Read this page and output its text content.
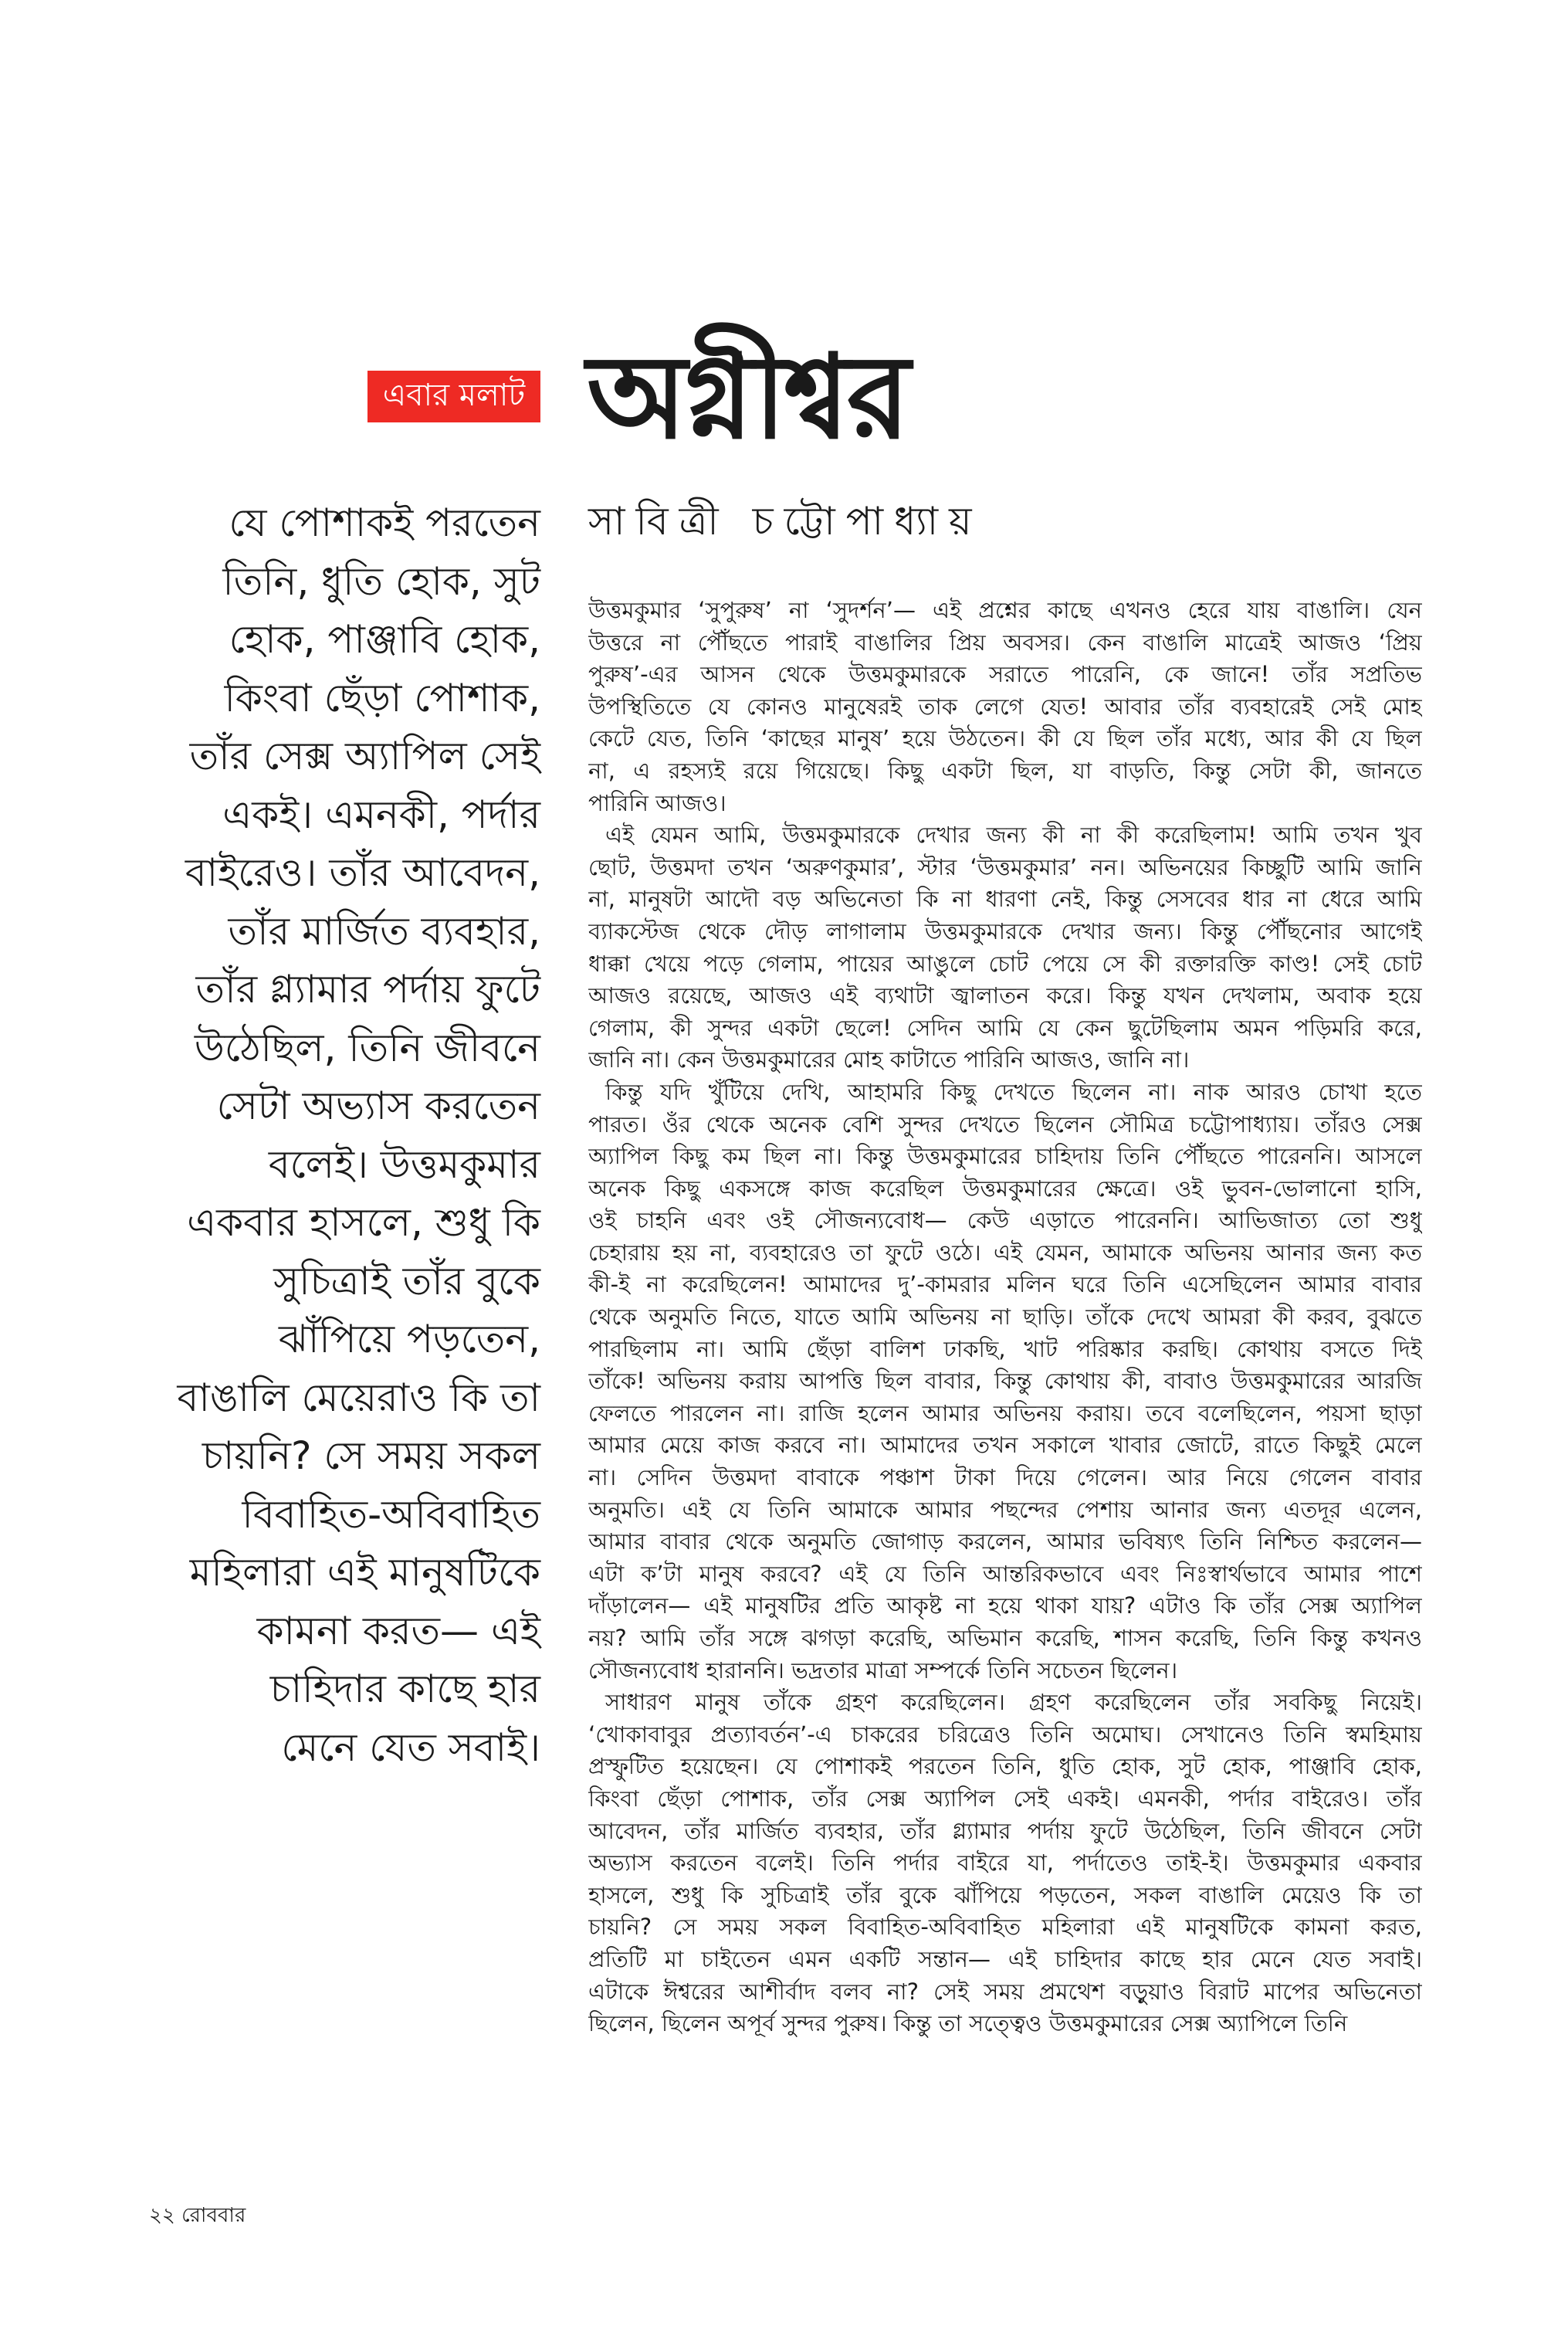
এবার মলাট অগ্নীশ্বর
সাবিত্রী চট্টোপাধ্যায়
যে পোশাকই পরতেন
তিনি, ধুতি হোক, সুট
হোক, পাঞ্জাবি হোক,
কিংবা ছেঁড়া পোশাক,
তাঁর সেক্স অ্যাপিল সেই
একই। এমনকী, পর্দার
বাইরেও। তাঁর আবেদন,
তাঁর মার্জিত ব্যবহার,
তাঁর গ্ল্যামার পর্দায় ফুটে
উঠেছিল, তিনি জীবনে
সেটা অভ্যাস করতেন
বলেই। উত্তমকুমার
একবার হাসলে, শুধু কি
সুচিত্রাই তাঁর বুকে
ঝাঁপিয়ে পড়তেন,
বাঙালি মেয়েরাও কি তা
চায়নি? সে সময় সকল
বিবাহিত-অবিবাহিত
মহিলারা এই মানুষটিকে
কামনা করত— এই
চাহিদার কাছে হার
মেনে যেত সবাই।
উত্তমকুমার ‘সুপুরুষ’ না ‘সুদর্শন’— এই প্রশ্নের কাছে এখনও হেরে যায় বাঙালি। যেন
উত্তরে না পৌঁছতে পারাই বাঙালির প্রিয় অবসর। কেন বাঙালি মাত্রেই আজও ‘প্রিয়
পুরুষ’-এর আসন থেকে উত্তমকুমারকে সরাতে পারেনি, কে জানে! তাঁর সপ্রতিভ
উপস্থিতিতে যে কোনও মানুষেরই তাক লেগে যেত! আবার তাঁর ব্যবহারেই সেই মোহ
কেটে যেত, তিনি ‘কাছের মানুষ’ হয়ে উঠতেন। কী যে ছিল তাঁর মধ্যে, আর কী যে ছিল
না, এ রহস্যই রয়ে গিয়েছে। কিছু একটা ছিল, যা বাড়তি, কিন্তু সেটা কী, জানতে
পারিনি আজও।
এই যেমন আমি, উত্তমকুমারকে দেখার জন্য কী না কী করেছিলাম! আমি তখন খুব
ছোট, উত্তমদা তখন ‘অরুণকুমার’, স্টার ‘উত্তমকুমার’ নন। অভিনয়ের কিচ্ছুটি আমি জানি
না, মানুষটা আদৌ বড় অভিনেতা কি না ধারণা নেই, কিন্তু সেসবের ধার না ধেরে আমি
ব্যাকস্টেজ থেকে দৌড় লাগালাম উত্তমকুমারকে দেখার জন্য। কিন্তু পৌঁছনোর আগেই
ধাক্কা খেয়ে পড়ে গেলাম, পায়ের আঙুলে চোট পেয়ে সে কী রক্তারক্তি কাণ্ড! সেই চোট
আজও রয়েছে, আজও এই ব্যথাটা জ্বালাতন করে। কিন্তু যখন দেখলাম, অবাক হয়ে
গেলাম, কী সুন্দর একটা ছেলে! সেদিন আমি যে কেন ছুটেছিলাম অমন পড়িমরি করে,
জানি না। কেন উত্তমকুমারের মোহ কাটাতে পারিনি আজও, জানি না।
কিন্তু যদি খুঁটিয়ে দেখি, আহামরি কিছু দেখতে ছিলেন না। নাক আরও চোখা হতে
পারত। ওঁর থেকে অনেক বেশি সুন্দর দেখতে ছিলেন সৌমিত্র চট্টোপাধ্যায়। তাঁরও সেক্স
অ্যাপিল কিছু কম ছিল না। কিন্তু উত্তমকুমারের চাহিদায় তিনি পৌঁছতে পারেননি। আসলে
অনেক কিছু একসঙ্গে কাজ করেছিল উত্তমকুমারের ক্ষেত্রে। ওই ভুবন-ভোলানো হাসি,
ওই চাহনি এবং ওই সৌজন্যবোধ— কেউ এড়াতে পারেননি। আভিজাত্য তো শুধু
চেহারায় হয় না, ব্যবহারেও তা ফুটে ওঠে। এই যেমন, আমাকে অভিনয় আনার জন্য কত
কী-ই না করেছিলেন! আমাদের দু’-কামরার মলিন ঘরে তিনি এসেছিলেন আমার বাবার
থেকে অনুমতি নিতে, যাতে আমি অভিনয় না ছাড়ি। তাঁকে দেখে আমরা কী করব, বুঝতে
পারছিলাম না। আমি ছেঁড়া বালিশ ঢাকছি, খাট পরিষ্কার করছি। কোথায় বসতে দিই
তাঁকে! অভিনয় করায় আপত্তি ছিল বাবার, কিন্তু কোথায় কী, বাবাও উত্তমকুমারের আরজি
ফেলতে পারলেন না। রাজি হলেন আমার অভিনয় করায়। তবে বলেছিলেন, পয়সা ছাড়া
আমার মেয়ে কাজ করবে না। আমাদের তখন সকালে খাবার জোটে, রাতে কিছুই মেলে
না। সেদিন উত্তমদা বাবাকে পঞ্চাশ টাকা দিয়ে গেলেন। আর নিয়ে গেলেন বাবার
অনুমতি। এই যে তিনি আমাকে আমার পছন্দের পেশায় আনার জন্য এতদূর এলেন,
আমার বাবার থেকে অনুমতি জোগাড় করলেন, আমার ভবিষ্যৎ তিনি নিশ্চিত করলেন—
এটা ক’টা মানুষ করবে? এই যে তিনি আন্তরিকভাবে এবং নিঃস্বার্থভাবে আমার পাশে
দাঁড়ালেন— এই মানুষটির প্রতি আকৃষ্ট না হয়ে থাকা যায়? এটাও কি তাঁর সেক্স অ্যাপিল
নয়? আমি তাঁর সঙ্গে ঝগড়া করেছি, অভিমান করেছি, শাসন করেছি, তিনি কিন্তু কখনও
সৌজন্যবোধ হারাননি। ভদ্রতার মাত্রা সম্পর্কে তিনি সচেতন ছিলেন।
সাধারণ মানুষ তাঁকে গ্রহণ করেছিলেন। গ্রহণ করেছিলেন তাঁর সবকিছু নিয়েই।
‘খোকাবাবুর প্রত্যাবর্তন’-এ চাকরের চরিত্রেও তিনি অমোঘ। সেখানেও তিনি স্বমহিমায়
প্রস্ফুটিত হয়েছেন। যে পোশাকই পরতেন তিনি, ধুতি হোক, সুট হোক, পাঞ্জাবি হোক,
কিংবা ছেঁড়া পোশাক, তাঁর সেক্স অ্যাপিল সেই একই। এমনকী, পর্দার বাইরেও। তাঁর
আবেদন, তাঁর মার্জিত ব্যবহার, তাঁর গ্ল্যামার পর্দায় ফুটে উঠেছিল, তিনি জীবনে সেটা
অভ্যাস করতেন বলেই। তিনি পর্দার বাইরে যা, পর্দাতেও তাই-ই। উত্তমকুমার একবার
হাসলে, শুধু কি সুচিত্রাই তাঁর বুকে ঝাঁপিয়ে পড়তেন, সকল বাঙালি মেয়েও কি তা
চায়নি? সে সময় সকল বিবাহিত-অবিবাহিত মহিলারা এই মানুষটিকে কামনা করত,
প্রতিটি মা চাইতেন এমন একটি সন্তান— এই চাহিদার কাছে হার মেনে যেত সবাই।
এটাকে ঈশ্বরের আশীর্বাদ বলব না? সেই সময় প্রমথেশ বড়ুয়াও বিরাট মাপের অভিনেতা
ছিলেন, ছিলেন অপূর্ব সুন্দর পুরুষ। কিন্তু তা সত্ত্বেও উত্তমকুমারের সেক্স অ্যাপিলে তিনি
২২ রোববার
